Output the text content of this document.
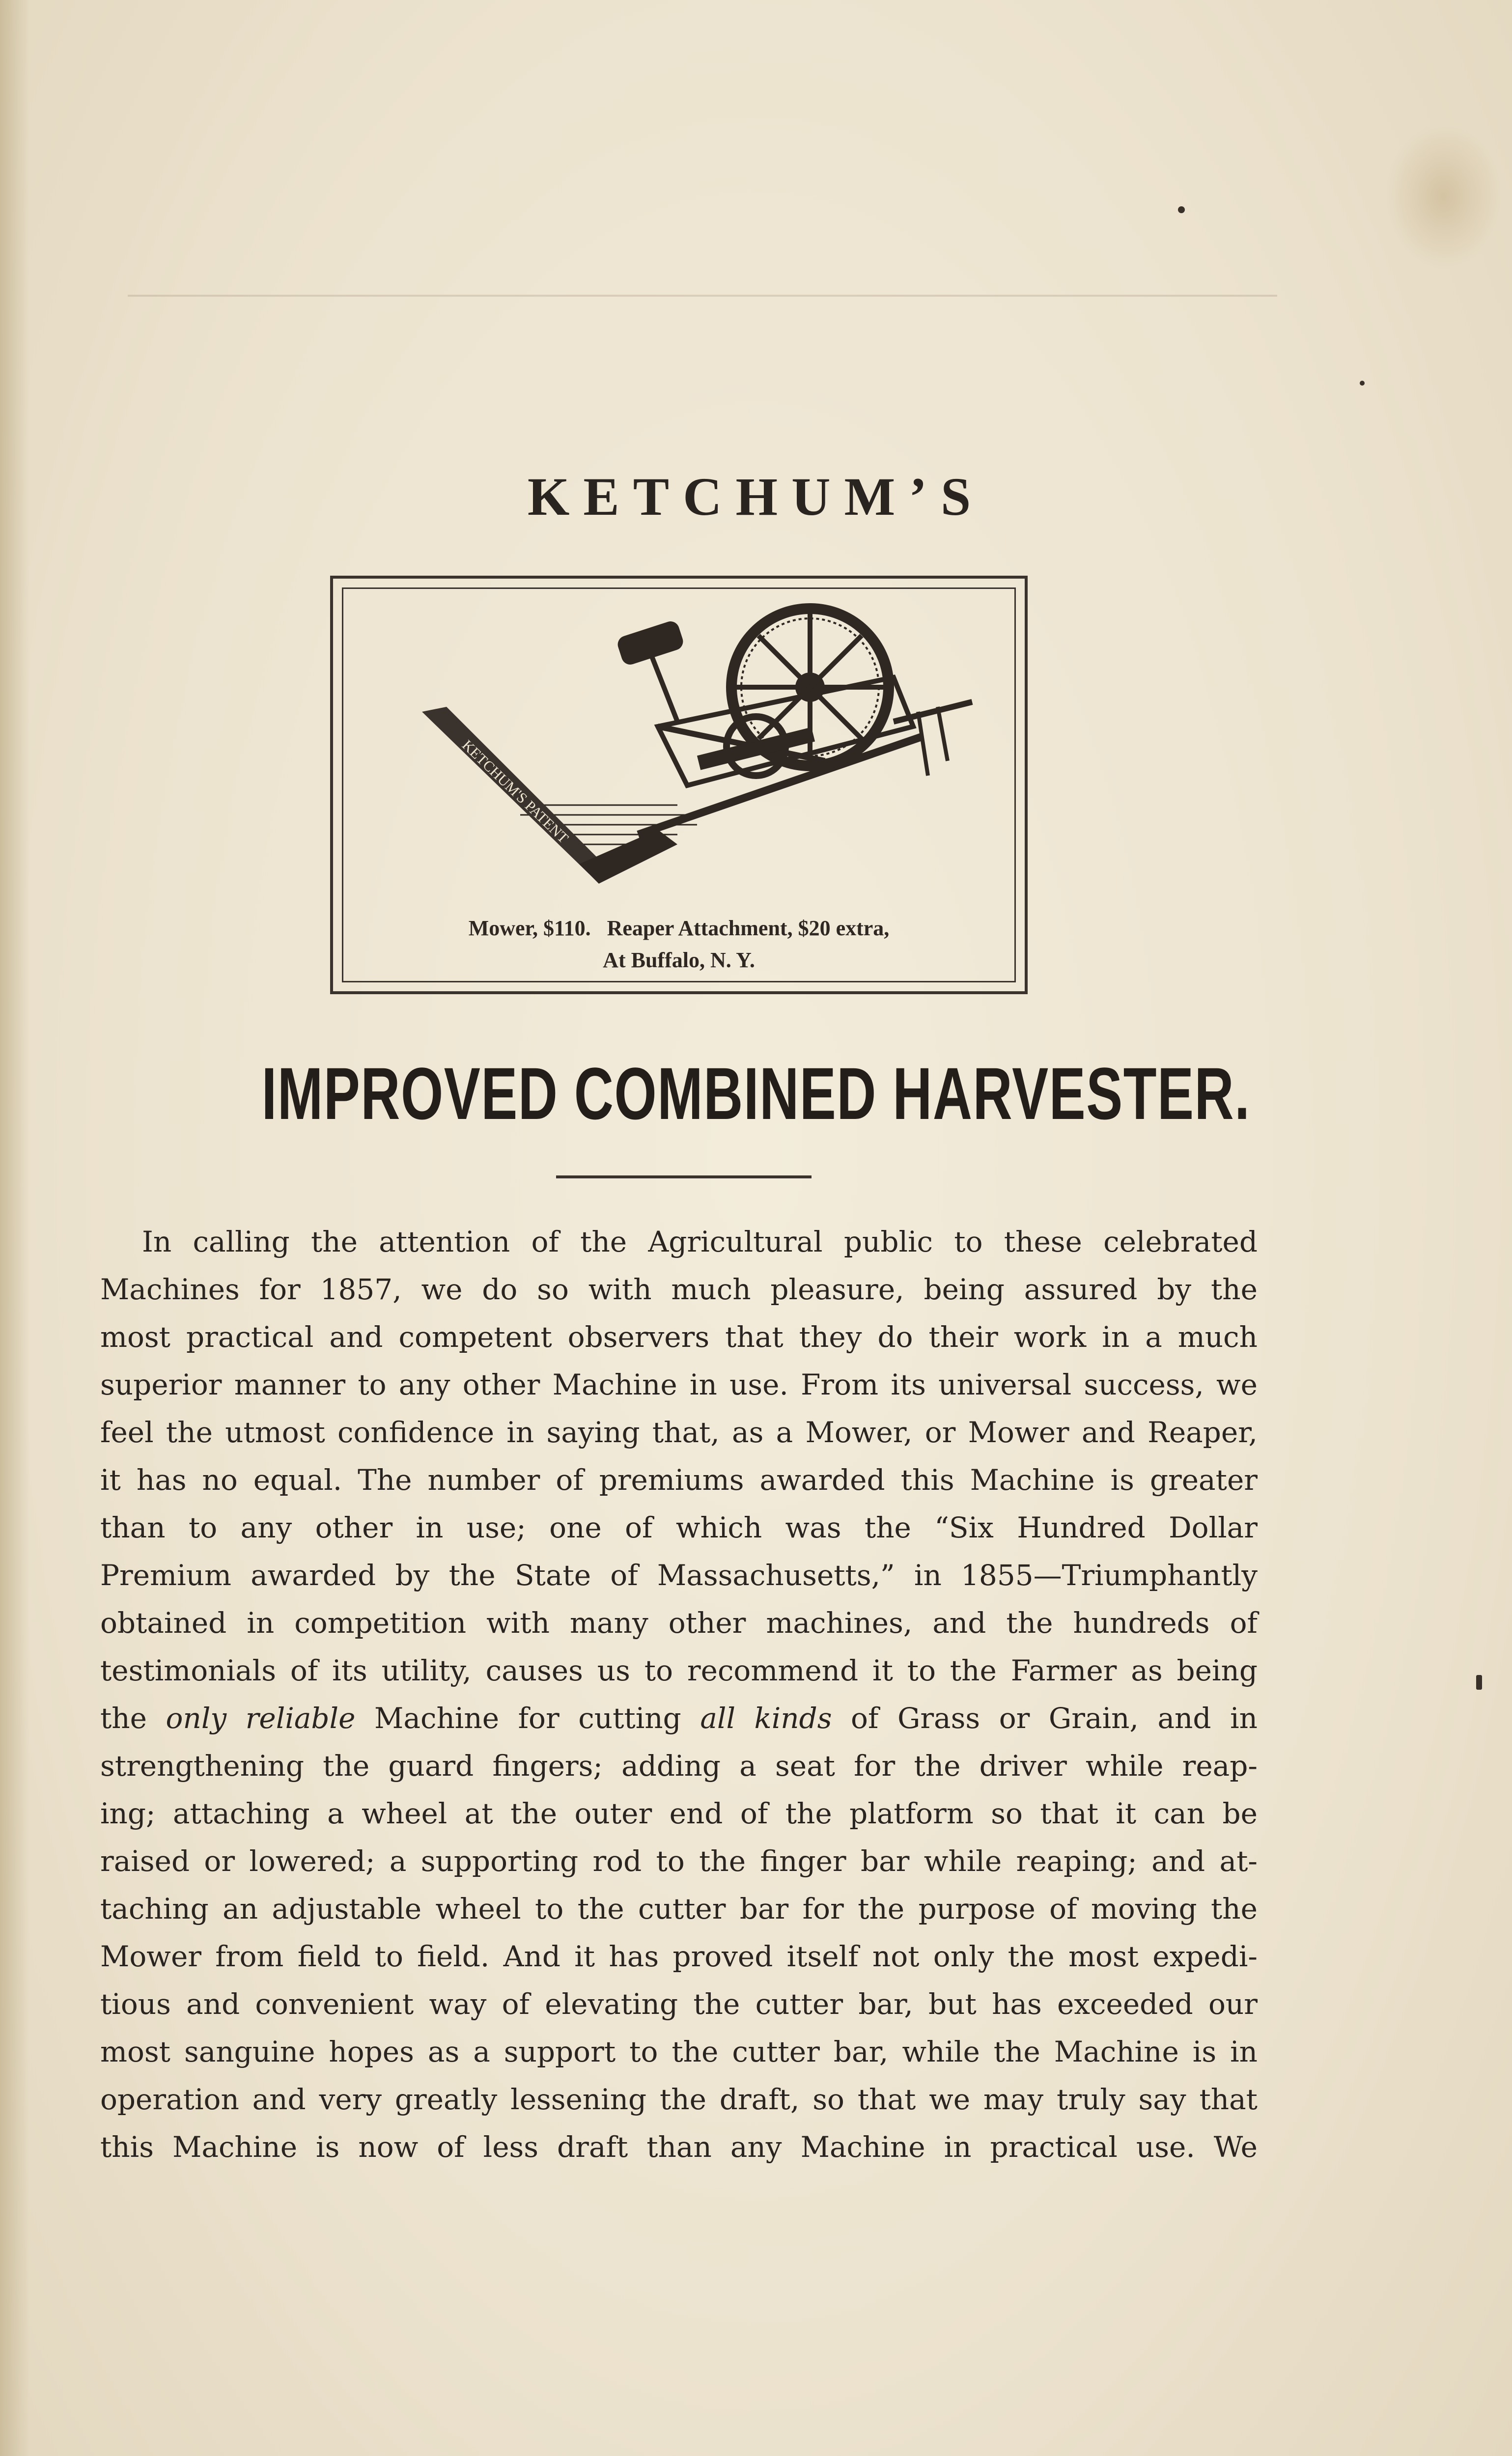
KETCHUM’S
KETCHUM'S PATENT
Mower, $110.   Reaper Attachment, $20 extra,
At Buffalo, N. Y.
IMPROVED COMBINED HARVESTER.
In calling the attention of the Agricultural public to these celebrated
Machines for 1857, we do so with much pleasure, being assured by the
most practical and competent observers that they do their work in a much
superior manner to any other Machine in use. From its universal success, we
feel the utmost confidence in saying that, as a Mower, or Mower and Reaper,
it has no equal. The number of premiums awarded this Machine is greater
than to any other in use; one of which was the “Six Hundred Dollar
Premium awarded by the State of Massachusetts,” in 1855—Triumphantly
obtained in competition with many other machines, and the hundreds of
testimonials of its utility, causes us to recommend it to the Farmer as being
the only reliable Machine for cutting all kinds of Grass or Grain, and in
strengthening the guard fingers; adding a seat for the driver while reap-
ing; attaching a wheel at the outer end of the platform so that it can be
raised or lowered; a supporting rod to the finger bar while reaping; and at-
taching an adjustable wheel to the cutter bar for the purpose of moving the
Mower from field to field. And it has proved itself not only the most expedi-
tious and convenient way of elevating the cutter bar, but has exceeded our
most sanguine hopes as a support to the cutter bar, while the Machine is in
operation and very greatly lessening the draft, so that we may truly say that
this Machine is now of less draft than any Machine in practical use. We
